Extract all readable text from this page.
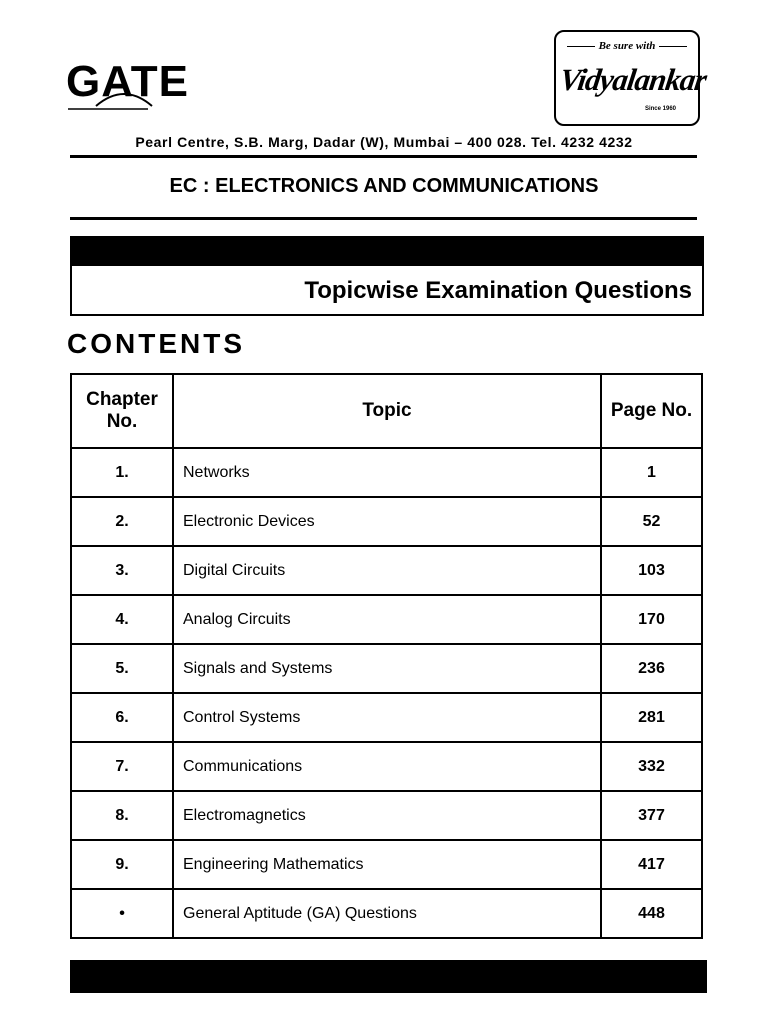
GATE
Be sure with
Vidyalankar
Since 1960
Pearl Centre, S.B. Marg, Dadar (W), Mumbai – 400 028. Tel. 4232 4232
EC : ELECTRONICS AND COMMUNICATIONS
Topicwise Examination Questions
CONTENTS
Chapter No.	Topic	Page No.
1.	Networks	1
2.	Electronic Devices	52
3.	Digital Circuits	103
4.	Analog Circuits	170
5.	Signals and Systems	236
6.	Control Systems	281
7.	Communications	332
8.	Electromagnetics	377
9.	Engineering Mathematics	417
•	General Aptitude (GA) Questions	448
